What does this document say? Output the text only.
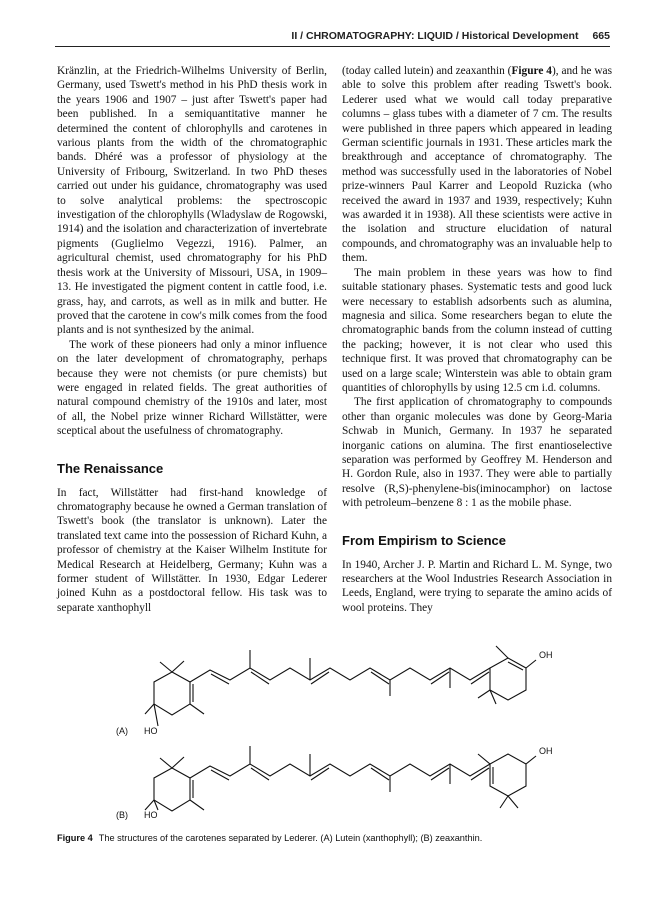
II / CHROMATOGRAPHY: LIQUID / Historical Development 665

Kränzlin, at the Friedrich-Wilhelms University of Berlin, Germany, used Tswett's method in his PhD thesis work in the years 1906 and 1907 – just after Tswett's paper had been published. In a semiquantitative manner he determined the content of chlorophylls and carotenes in various plants from the width of the chromatographic bands. Dhéré was a professor of physiology at the University of Fribourg, Switzerland. In two PhD theses carried out under his guidance, chromatography was used to solve analytical problems: the spectroscopic investigation of the chlorophylls (Wladyslaw de Rogowski, 1914) and the isolation and characterization of invertebrate pigments (Guglielmo Vegezzi, 1916). Palmer, an agricultural chemist, used chromatography for his PhD thesis work at the University of Missouri, USA, in 1909–13. He investigated the pigment content in cattle food, i.e. grass, hay, and carrots, as well as in milk and butter. He proved that the carotene in cow's milk comes from the food plants and is not synthesized by the animal.

The work of these pioneers had only a minor influence on the later development of chromatography, perhaps because they were not chemists (or pure chemists) but were engaged in related fields. The great authorities of natural compound chemistry of the 1910s and later, most of all, the Nobel prize winner Richard Willstätter, were sceptical about the usefulness of chromatography.

The Renaissance

In fact, Willstätter had first-hand knowledge of chromatography because he owned a German translation of Tswett's book (the translator is unknown). Later the translated text came into the possession of Richard Kuhn, a professor of chemistry at the Kaiser Wilhelm Institute for Medical Research at Heidelberg, Germany; Kuhn was a former student of Willstätter. In 1930, Edgar Lederer joined Kuhn as a postdoctoral fellow. His task was to separate xanthophyll

(today called lutein) and zeaxanthin (Figure 4), and he was able to solve this problem after reading Tswett's book. Lederer used what we would call today preparative columns – glass tubes with a diameter of 7 cm. The results were published in three papers which appeared in leading German scientific journals in 1931. These articles mark the breakthrough and acceptance of chromatography. The method was successfully used in the laboratories of Nobel prize-winners Paul Karrer and Leopold Ruzicka (who received the award in 1937 and 1939, respectively; Kuhn was awarded it in 1938). All these scientists were active in the isolation and structure elucidation of natural compounds, and chromatography was an invaluable help to them.

The main problem in these years was how to find suitable stationary phases. Systematic tests and good luck were necessary to establish adsorbents such as alumina, magnesia and silica. Some researchers began to elute the chromatographic bands from the column instead of cutting the packing; however, it is not clear who used this technique first. It was proved that chromatography can be used on a large scale; Winterstein was able to obtain gram quantities of chlorophylls by using 12.5 cm i.d. columns.

The first application of chromatography to compounds other than organic molecules was done by Georg-Maria Schwab in Munich, Germany. In 1937 he separated inorganic cations on alumina. The first enantioselective separation was performed by Geoffrey M. Henderson and H. Gordon Rule, also in 1937. They were able to partially resolve (R,S)-phenylene-bis(iminocamphor) on lactose with petroleum–benzene 8 : 1 as the mobile phase.

From Empirism to Science

In 1940, Archer J. P. Martin and Richard L. M. Synge, two researchers at the Wool Industries Research Association in Leeds, England, were trying to separate the amino acids of wool proteins. They

(A) HO
OH
(B) HO
OH
Figure 4 The structures of the carotenes separated by Lederer. (A) Lutein (xanthophyll); (B) zeaxanthin.
